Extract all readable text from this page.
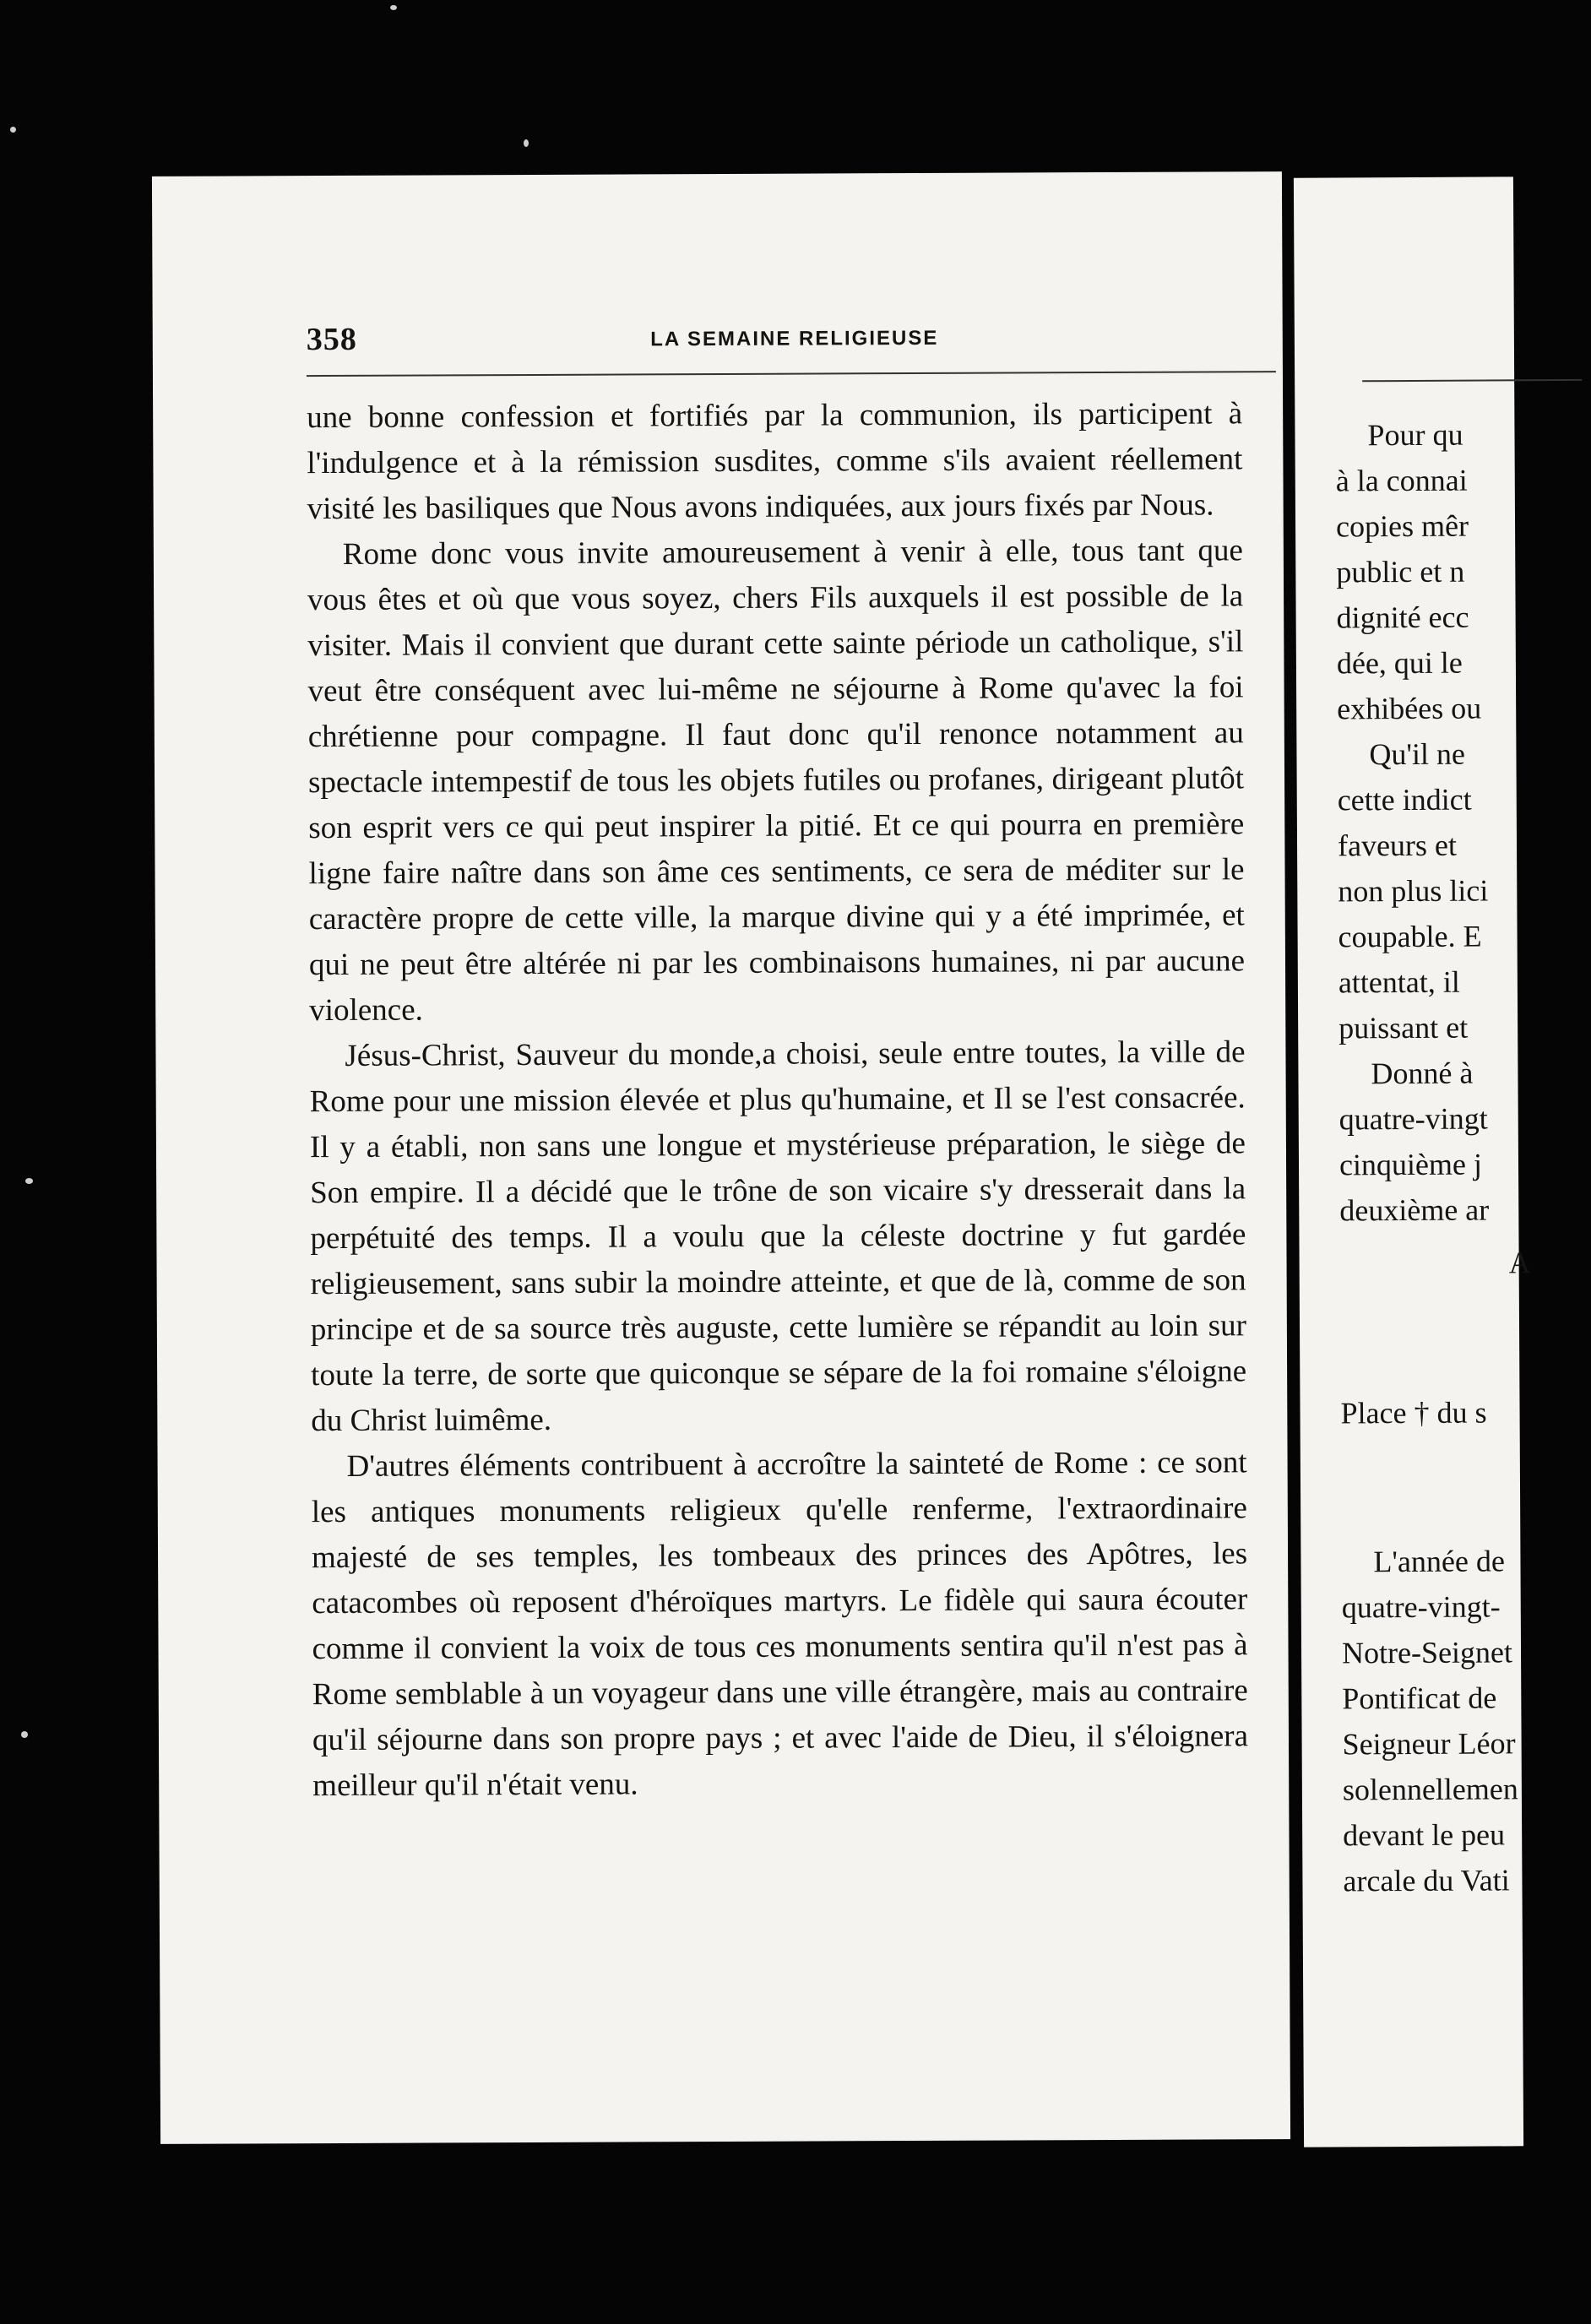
358	LA SEMAINE RELIGIEUSE

une bonne confession et fortifiés par la communion, ils participent à l'indulgence et à la rémission susdites, comme s'ils avaient réellement visité les basiliques que Nous avons indiquées, aux jours fixés par Nous.

Rome donc vous invite amoureusement à venir à elle, tous tant que vous êtes et où que vous soyez, chers Fils auxquels il est possible de la visiter. Mais il convient que durant cette sainte période un catholique, s'il veut être conséquent avec lui-même ne séjourne à Rome qu'avec la foi chrétienne pour compagne. Il faut donc qu'il renonce notamment au spectacle intempestif de tous les objets futiles ou profanes, dirigeant plutôt son esprit vers ce qui peut inspirer la pitié. Et ce qui pourra en première ligne faire naître dans son âme ces sentiments, ce sera de méditer sur le caractère propre de cette ville, la marque divine qui y a été imprimée, et qui ne peut être altérée ni par les combinaisons humaines, ni par aucune violence.

Jésus-Christ, Sauveur du monde,a choisi, seule entre toutes, la ville de Rome pour une mission élevée et plus qu'humaine, et Il se l'est consacrée. Il y a établi, non sans une longue et mystérieuse préparation, le siège de Son empire. Il a décidé que le trône de son vicaire s'y dresserait dans la perpétuité des temps. Il a voulu que la céleste doctrine y fut gardée religieusement, sans subir la moindre atteinte, et que de là, comme de son principe et de sa source très auguste, cette lumière se répandit au loin sur toute la terre, de sorte que quiconque se sépare de la foi romaine s'éloigne du Christ luimême.

D'autres éléments contribuent à accroître la sainteté de Rome : ce sont les antiques monuments religieux qu'elle renferme, l'extraordinaire majesté de ses temples, les tombeaux des princes des Apôtres, les catacombes où reposent d'héroïques martyrs. Le fidèle qui saura écouter comme il convient la voix de tous ces monuments sentira qu'il n'est pas à Rome semblable à un voyageur dans une ville étrangère, mais au contraire qu'il séjourne dans son propre pays ; et avec l'aide de Dieu, il s'éloignera meilleur qu'il n'était venu.

Pour qu
à la connai
copies mêr
public et n
dignité ecc
dée, qui le
exhibées ou
Qu'il ne
cette indict
faveurs et
non plus lici
coupable. E
attentat, il
puissant et
Donné à
quatre-vingt
cinquième j
deuxième ar
Place † du s
L'année de
quatre-vingt-
Notre-Seignet
Pontificat de
Seigneur Léor
solennellemen
devant le peu
arcale du Vati
A
